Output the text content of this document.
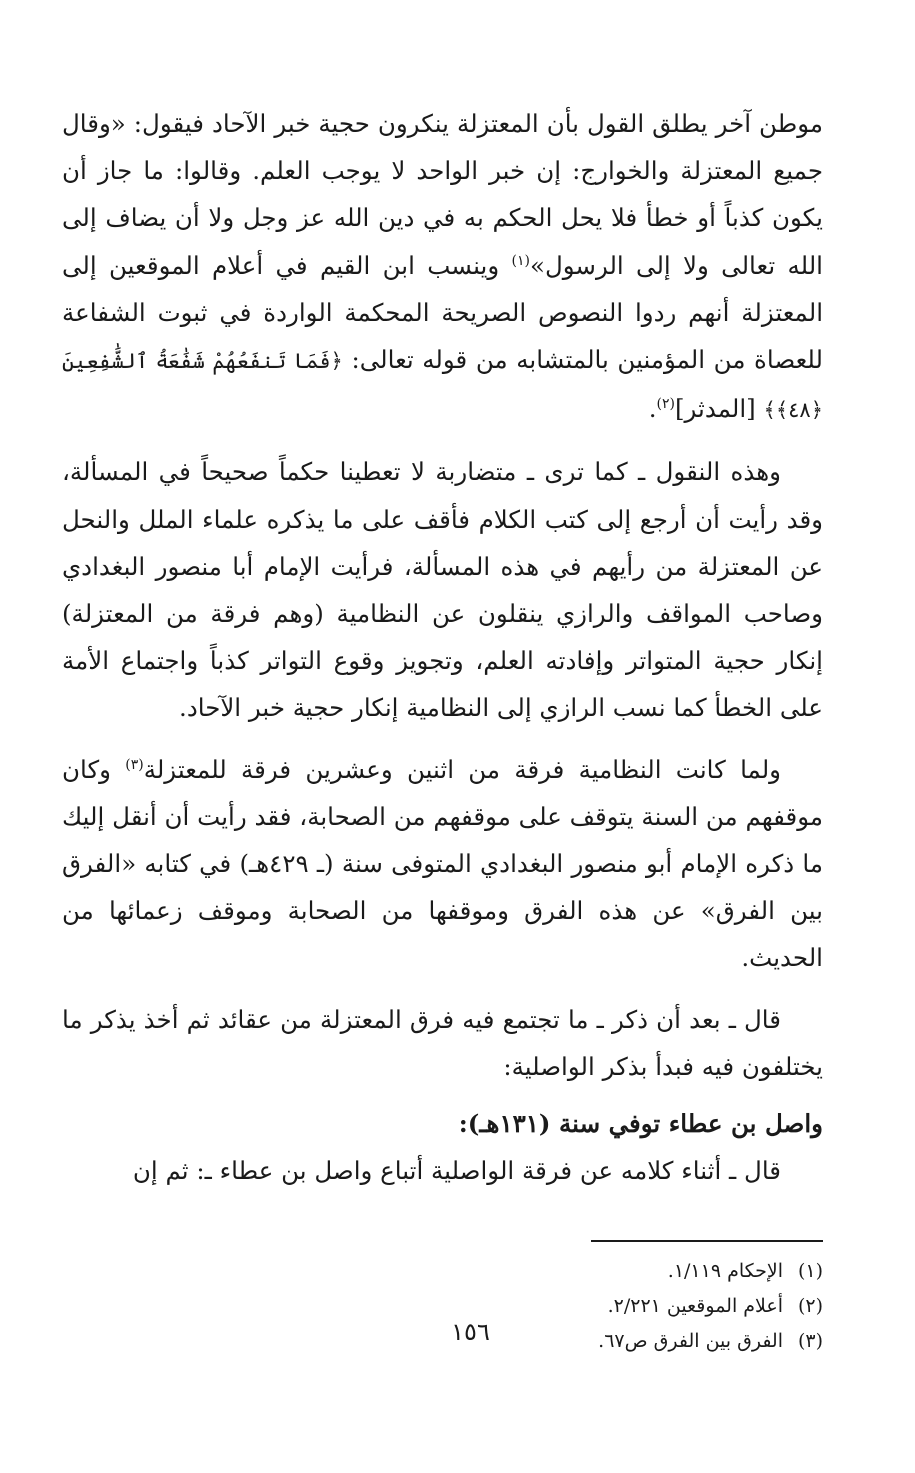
موطن آخر يطلق القول بأن المعتزلة ينكرون حجية خبر الآحاد فيقول: «وقال جميع المعتزلة والخوارج: إن خبر الواحد لا يوجب العلم. وقالوا: ما جاز أن يكون كذباً أو خطأ فلا يحل الحكم به في دين الله عز وجل ولا أن يضاف إلى الله تعالى ولا إلى الرسول»$^{(١)}$ وينسب ابن القيم في أعلام الموقعين إلى المعتزلة أنهم ردوا النصوص الصريحة المحكمة الواردة في ثبوت الشفاعة للعصاة من المؤمنين بالمتشابه من قوله تعالى: ﴿فَمَا تَنفَعُهُمْ شَفَٰعَةُ ٱلشَّٰفِعِينَ ﴿٤٨﴾﴾ [المدثر]$^{(٢)}$.

وهذه النقول ـ كما ترى ـ متضاربة لا تعطينا حكماً صحيحاً في المسألة، وقد رأيت أن أرجع إلى كتب الكلام فأقف على ما يذكره علماء الملل والنحل عن المعتزلة من رأيهم في هذه المسألة، فرأيت الإمام أبا منصور البغدادي وصاحب المواقف والرازي ينقلون عن النظامية (وهم فرقة من المعتزلة) إنكار حجية المتواتر وإفادته العلم، وتجويز وقوع التواتر كذباً واجتماع الأمة على الخطأ كما نسب الرازي إلى النظامية إنكار حجية خبر الآحاد.

ولما كانت النظامية فرقة من اثنين وعشرين فرقة للمعتزلة$^{(٣)}$ وكان موقفهم من السنة يتوقف على موقفهم من الصحابة، فقد رأيت أن أنقل إليك ما ذكره الإمام أبو منصور البغدادي المتوفى سنة (ـ ٤٢٩هـ) في كتابه «الفرق بين الفرق» عن هذه الفرق وموقفها من الصحابة وموقف زعمائها من الحديث.

قال ـ بعد أن ذكر ـ ما تجتمع فيه فرق المعتزلة من عقائد ثم أخذ يذكر ما يختلفون فيه فبدأ بذكر الواصلية:

واصل بن عطاء توفي سنة (١٣١هـ):

قال ـ أثناء كلامه عن فرقة الواصلية أتباع واصل بن عطاء ـ: ثم إن

(١)الإحكام ١/١١٩.

(٢)أعلام الموقعين ٢/٢٢١.

(٣)الفرق بين الفرق ص٦٧.

١٥٦
